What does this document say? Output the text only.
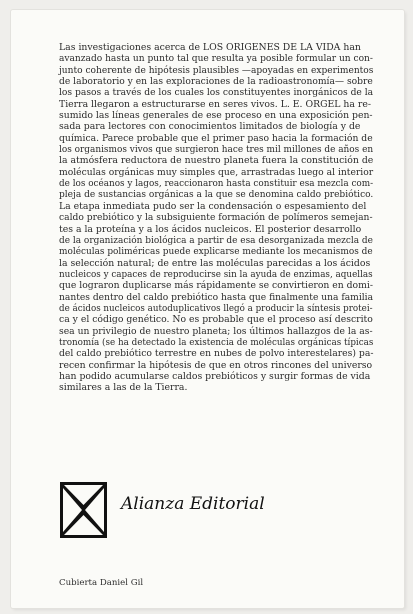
Las investigaciones acerca de LOS ORIGENES DE LA VIDA han
avanzado hasta un punto tal que resulta ya posible formular un con-
junto coherente de hipótesis plausibles —apoyadas en experimentos
de laboratorio y en las exploraciones de la radioastronomía— sobre
los pasos a través de los cuales los constituyentes inorgánicos de la
Tierra llegaron a estructurarse en seres vivos. L. E. ORGEL ha re-
sumido las líneas generales de ese proceso en una exposición pen-
sada para lectores con conocimientos limitados de biología y de
química. Parece probable que el primer paso hacia la formación de
los organismos vivos que surgieron hace tres mil millones de años en
la atmósfera reductora de nuestro planeta fuera la constitución de
moléculas orgánicas muy simples que, arrastradas luego al interior
de los océanos y lagos, reaccionaron hasta constituir esa mezcla com-
pleja de sustancias orgánicas a la que se denomina caldo prebiótico.
La etapa inmediata pudo ser la condensación o espesamiento del
caldo prebiótico y la subsiguiente formación de polímeros semejan-
tes a la proteína y a los ácidos nucleicos. El posterior desarrollo
de la organización biológica a partir de esa desorganizada mezcla de
moléculas poliméricas puede explicarse mediante los mecanismos de
la selección natural; de entre las moléculas parecidas a los ácidos
nucleicos y capaces de reproducirse sin la ayuda de enzimas, aquellas
que lograron duplicarse más rápidamente se convirtieron en domi-
nantes dentro del caldo prebiótico hasta que finalmente una familia
de ácidos nucleicos autoduplicativos llegó a producir la síntesis protei-
ca y el código genético. No es probable que el proceso así descrito
sea un privilegio de nuestro planeta; los últimos hallazgos de la as-
tronomía (se ha detectado la existencia de moléculas orgánicas típicas
del caldo prebiótico terrestre en nubes de polvo interestelares) pa-
recen confirmar la hipótesis de que en otros rincones del universo
han podido acumularse caldos prebióticos y surgir formas de vida
similares a las de la Tierra.

Alianza Editorial
Cubierta Daniel Gil
